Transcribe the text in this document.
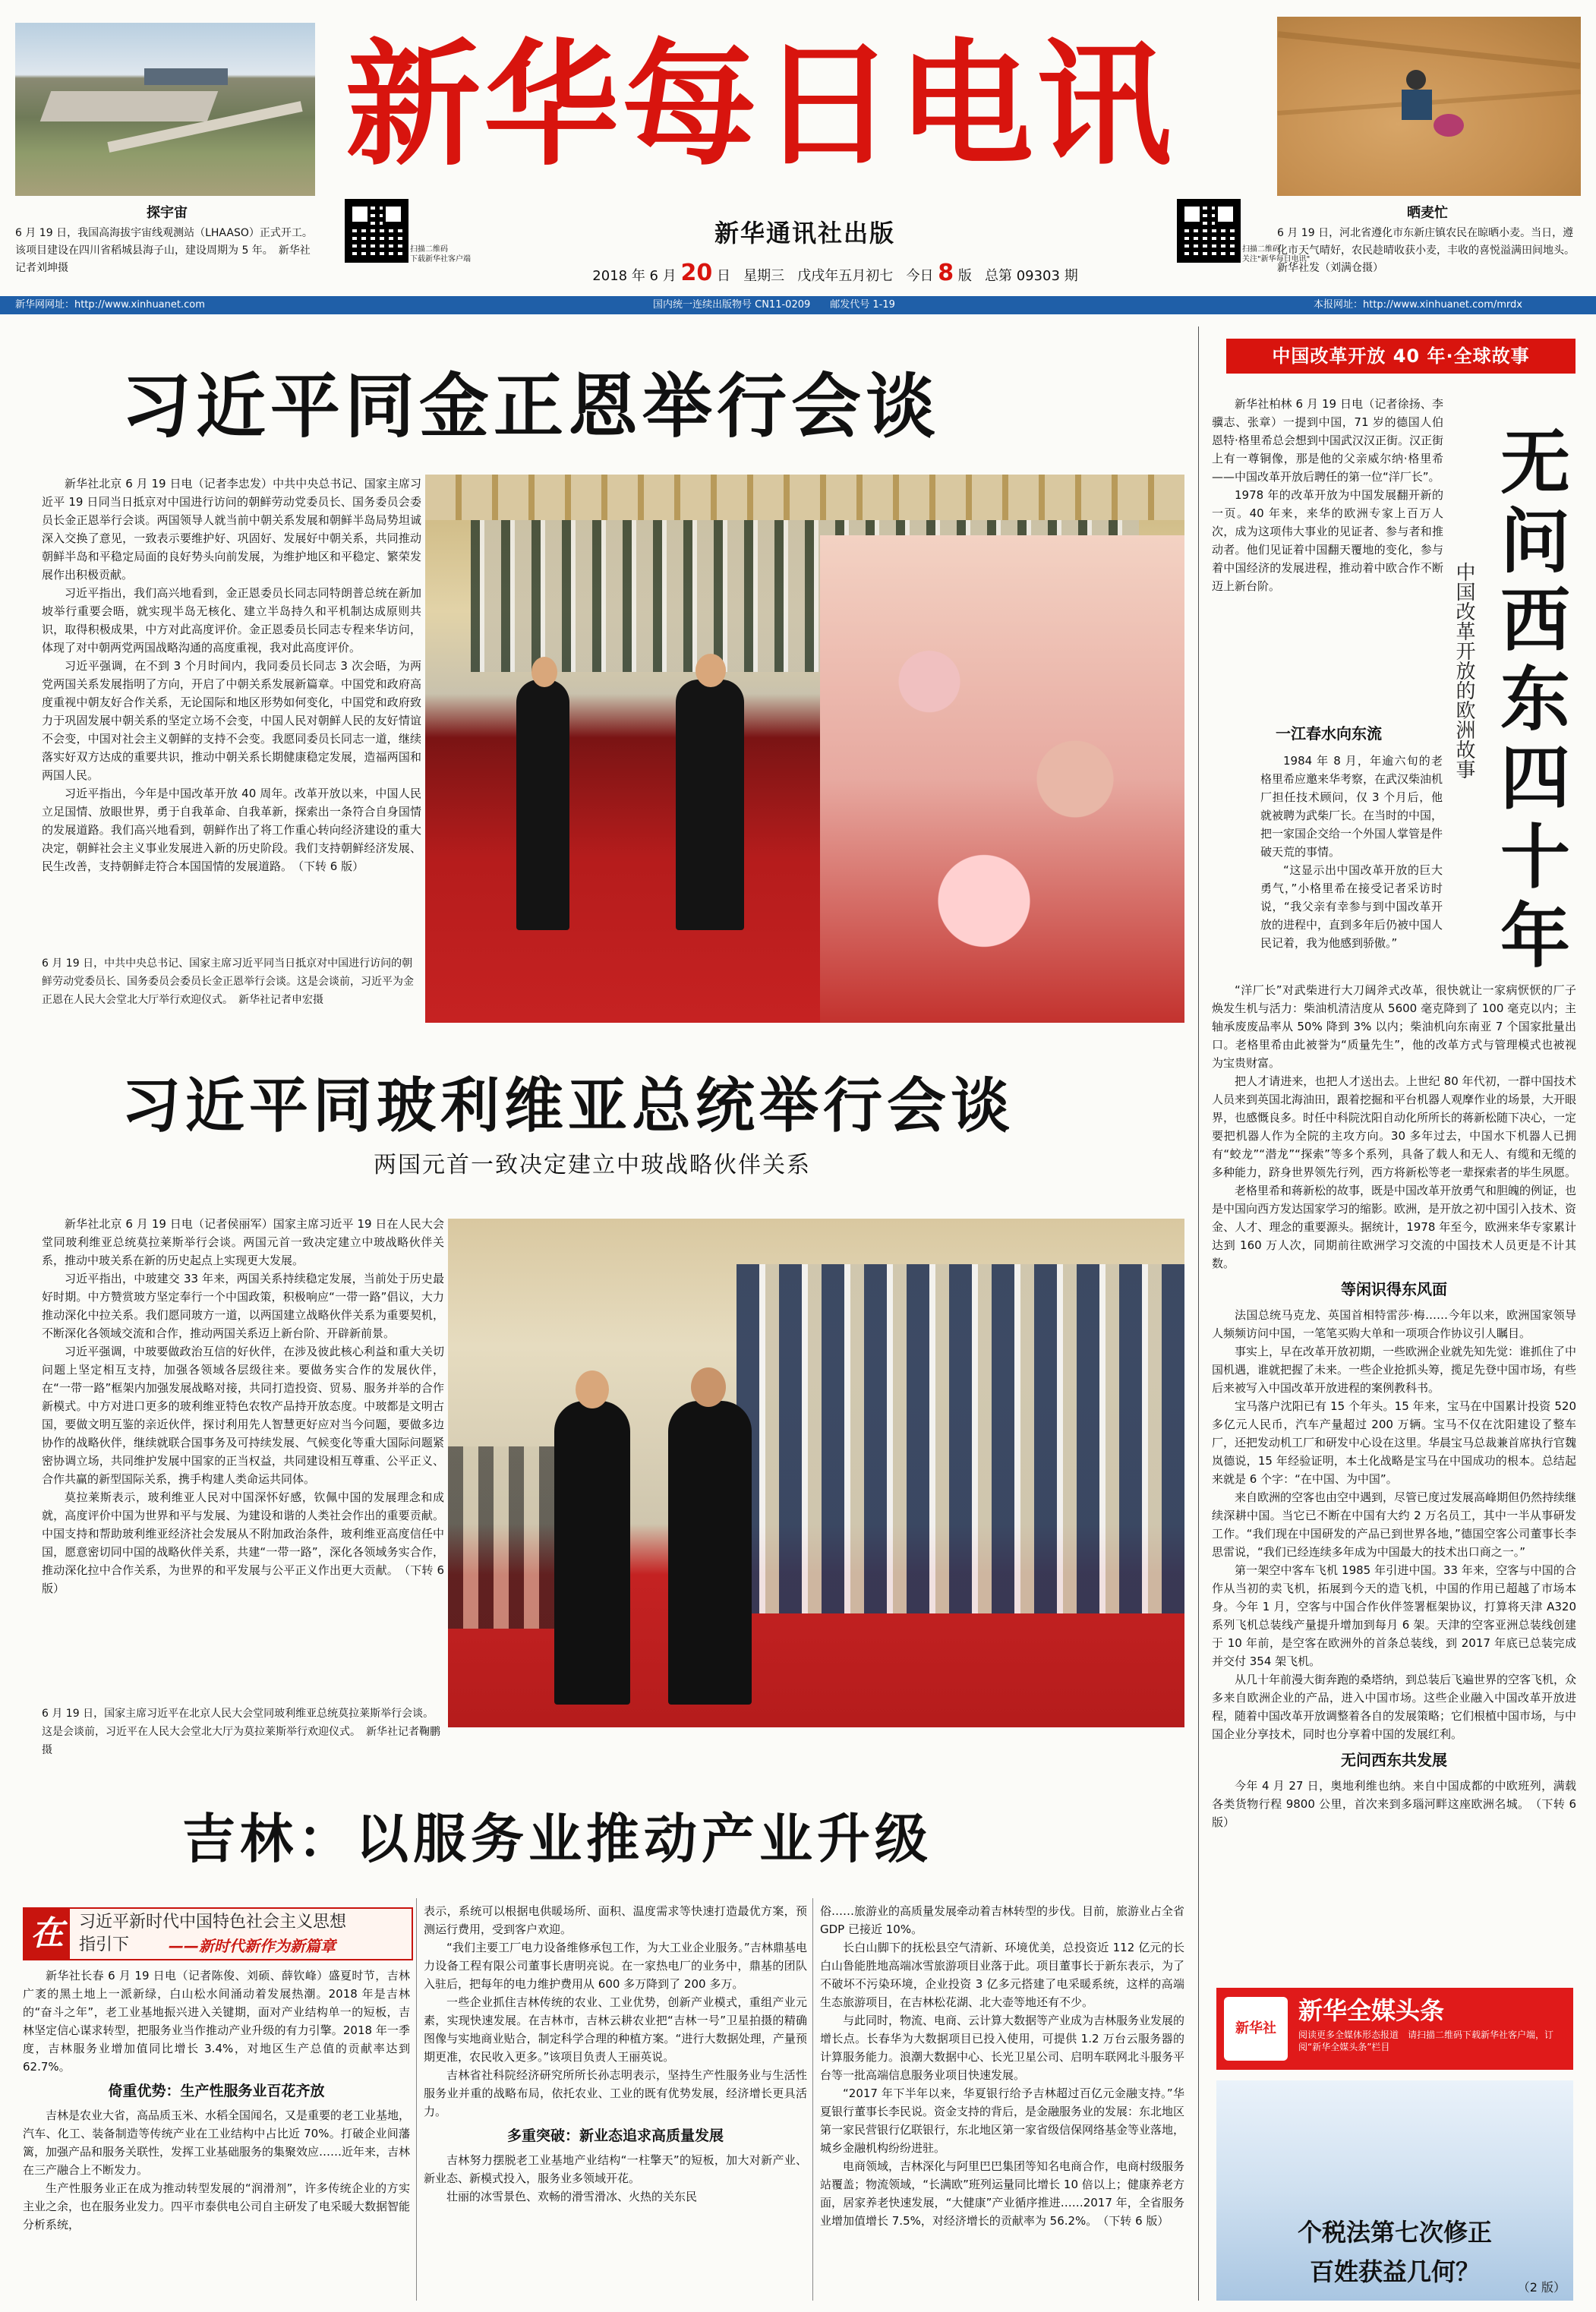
探宇宙
6 月 19 日，我国高海拔宇宙线观测站（LHAASO）正式开工。该项目建设在四川省稻城县海子山，建设周期为 5 年。　新华社记者刘坤摄
新华每日电讯
扫描二维码
下载新华社客户端
新华通讯社出版
2018 年 6 月 20 日 星期三 戊戌年五月初七 今日 8 版 总第 09303 期
扫描二维码
关注"新华每日电讯"
晒麦忙
6 月 19 日，河北省遵化市东新庄镇农民在晾晒小麦。当日，遵化市天气晴好，农民趁晴收获小麦，丰收的喜悦溢满田间地头。　新华社发（刘满仓摄）
新华网网址：http://www.xinhuanet.com	国内统一连续出版物号 CN11-0209　　邮发代号 1-19	本报网址：http://www.xinhuanet.com/mrdx
习近平同金正恩举行会谈

新华社北京 6 月 19 日电（记者李忠发）中共中央总书记、国家主席习近平 19 日同当日抵京对中国进行访问的朝鲜劳动党委员长、国务委员会委员长金正恩举行会谈。两国领导人就当前中朝关系发展和朝鲜半岛局势坦诚深入交换了意见，一致表示要维护好、巩固好、发展好中朝关系，共同推动朝鲜半岛和平稳定局面的良好势头向前发展，为维护地区和平稳定、繁荣发展作出积极贡献。

习近平指出，我们高兴地看到，金正恩委员长同志同特朗普总统在新加坡举行重要会晤，就实现半岛无核化、建立半岛持久和平机制达成原则共识，取得积极成果，中方对此高度评价。金正恩委员长同志专程来华访问，体现了对中朝两党两国战略沟通的高度重视，我对此高度评价。

习近平强调，在不到 3 个月时间内，我同委员长同志 3 次会晤，为两党两国关系发展指明了方向，开启了中朝关系发展新篇章。中国党和政府高度重视中朝友好合作关系，无论国际和地区形势如何变化，中国党和政府致力于巩固发展中朝关系的坚定立场不会变，中国人民对朝鲜人民的友好情谊不会变，中国对社会主义朝鲜的支持不会变。我愿同委员长同志一道，继续落实好双方达成的重要共识，推动中朝关系长期健康稳定发展，造福两国和两国人民。

习近平指出，今年是中国改革开放 40 周年。改革开放以来，中国人民立足国情、放眼世界，勇于自我革命、自我革新，探索出一条符合自身国情的发展道路。我们高兴地看到，朝鲜作出了将工作重心转向经济建设的重大决定，朝鲜社会主义事业发展进入新的历史阶段。我们支持朝鲜经济发展、民生改善，支持朝鲜走符合本国国情的发展道路。　（下转 6 版）

6 月 19 日，中共中央总书记、国家主席习近平同当日抵京对中国进行访问的朝鲜劳动党委员长、国务委员会委员长金正恩举行会谈。这是会谈前，习近平为金正恩在人民大会堂北大厅举行欢迎仪式。　新华社记者申宏摄
习近平同玻利维亚总统举行会谈
两国元首一致决定建立中玻战略伙伴关系

新华社北京 6 月 19 日电（记者侯丽军）国家主席习近平 19 日在人民大会堂同玻利维亚总统莫拉莱斯举行会谈。两国元首一致决定建立中玻战略伙伴关系，推动中玻关系在新的历史起点上实现更大发展。

习近平指出，中玻建交 33 年来，两国关系持续稳定发展，当前处于历史最好时期。中方赞赏玻方坚定奉行一个中国政策，积极响应“一带一路”倡议，大力推动深化中拉关系。我们愿同玻方一道，以两国建立战略伙伴关系为重要契机，不断深化各领域交流和合作，推动两国关系迈上新台阶、开辟新前景。

习近平强调，中玻要做政治互信的好伙伴，在涉及彼此核心利益和重大关切问题上坚定相互支持，加强各领域各层级往来。要做务实合作的发展伙伴，在“一带一路”框架内加强发展战略对接，共同打造投资、贸易、服务并举的合作新模式。中方对进口更多的玻利维亚特色农牧产品持开放态度。中玻都是文明古国，要做文明互鉴的亲近伙伴，探讨利用先人智慧更好应对当今问题，要做多边协作的战略伙伴，继续就联合国事务及可持续发展、气候变化等重大国际问题紧密协调立场，共同维护发展中国家的正当权益，共同建设相互尊重、公平正义、合作共赢的新型国际关系，携手构建人类命运共同体。

莫拉莱斯表示，玻利维亚人民对中国深怀好感，钦佩中国的发展理念和成就，高度评价中国为世界和平与发展、为建设和谐的人类社会作出的重要贡献。中国支持和帮助玻利维亚经济社会发展从不附加政治条件，玻利维亚高度信任中国，愿意密切同中国的战略伙伴关系，共建“一带一路”，深化各领域务实合作，推动深化拉中合作关系，为世界的和平发展与公平正义作出更大贡献。　（下转 6 版）

6 月 19 日，国家主席习近平在北京人民大会堂同玻利维亚总统莫拉莱斯举行会谈。这是会谈前，习近平在人民大会堂北大厅为莫拉莱斯举行欢迎仪式。　新华社记者鞠鹏摄
吉林：以服务业推动产业升级
在 习近平新时代中国特色社会主义思想
指引下	——新时代新作为新篇章

新华社长春 6 月 19 日电（记者陈俊、刘硕、薛钦峰）盛夏时节，吉林广袤的黑土地上一派新绿，白山松水间涌动着发展热潮。2018 年是吉林的“奋斗之年”，老工业基地振兴进入关键期，面对产业结构单一的短板，吉林坚定信心谋求转型，把服务业当作推动产业升级的有力引擎。2018 年一季度，吉林服务业增加值同比增长 3.4%，对地区生产总值的贡献率达到 62.7%。

倚重优势：生产性服务业百花齐放

吉林是农业大省，高品质玉米、水稻全国闻名，又是重要的老工业基地，汽车、化工、装备制造等传统产业在工业结构中占比近 70%。打破企业间藩篱，加强产品和服务关联性，发挥工业基础服务的集聚效应……近年来，吉林在三产融合上不断发力。

生产性服务业正在成为推动转型发展的“润滑剂”，许多传统企业的方实主业之余，也在服务业发力。四平市泰供电公司自主研发了电采暖大数据智能分析系统，

表示，系统可以根据电供暖场所、面积、温度需求等快速打造最优方案，预测运行费用，受到客户欢迎。

“我们主要工厂电力设备维修承包工作，为大工业企业服务。”吉林鼎基电力设备工程有限公司董事长唐明亮说。在一家热电厂的业务中，鼎基的团队入驻后，把每年的电力维护费用从 600 多万降到了 200 多万。

一些企业抓住吉林传统的农业、工业优势，创新产业模式，重组产业元素，实现快速发展。在吉林市，吉林云耕农业把“吉林一号”卫星拍摄的精确图像与实地商业贴合，制定科学合理的种植方案。“进行大数据处理，产量预期更准，农民收入更多。”该项目负责人王丽英说。

吉林省社科院经济研究所所长孙志明表示，坚持生产性服务业与生活性服务业并重的战略布局，依托农业、工业的既有优势发展，经济增长更具活力。

多重突破：新业态追求高质量发展

吉林努力摆脱老工业基地产业结构“一柱擎天”的短板，加大对新产业、新业态、新模式投入，服务业多领域开花。

壮丽的冰雪景色、欢畅的滑雪滑冰、火热的关东民

俗……旅游业的高质量发展牵动着吉林转型的步伐。目前，旅游业占全省 GDP 已接近 10%。

长白山脚下的抚松县空气清新、环境优美，总投资近 112 亿元的长白山鲁能胜地高端冰雪旅游项目业落于此。项目董事长于新东表示，为了不破坏不污染环境，企业投资 3 亿多元搭建了电采暖系统，这样的高端生态旅游项目，在吉林松花湖、北大壶等地还有不少。

与此同时，物流、电商、云计算大数据等产业成为吉林服务业发展的增长点。长春华为大数据项目已投入使用，可提供 1.2 万台云服务器的计算服务能力。浪潮大数据中心、长光卫星公司、启明车联网北斗服务平台等一批高端信息服务业项目快速发展。

“2017 年下半年以来，华夏银行给予吉林超过百亿元金融支持。”华夏银行董事长李民说。资金支持的背后，是金融服务业的发展：东北地区第一家民营银行亿联银行，东北地区第一家省级信保网络基金等业落地，城乡金融机构纷纷进驻。

电商领域，吉林深化与阿里巴巴集团等知名电商合作，电商村级服务站覆盖；物流领域，“长满欧”班列运量同比增长 10 倍以上；健康养老方面，居家养老快速发展，“大健康”产业循序推进……2017 年，全省服务业增加值增长 7.5%，对经济增长的贡献率为 56.2%。　（下转 6 版）

中国改革开放 40 年·全球故事

新华社柏林 6 月 19 日电（记者徐扬、李骥志、张章）一提到中国，71 岁的德国人伯恩特·格里希总会想到中国武汉汉正街。汉正街上有一尊铜像，那是他的父亲威尔纳·格里希——中国改革开放后聘任的第一位“洋厂长”。

1978 年的改革开放为中国发展翻开新的一页。40 年来，来华的欧洲专家上百万人次，成为这项伟大事业的见证者、参与者和推动者。他们见证着中国翻天覆地的变化，参与着中国经济的发展进程，推动着中欧合作不断迈上新台阶。	中国改革开放的欧洲故事 无问西东四十年
一江春水向东流

1984 年 8 月，年逾六旬的老格里希应邀来华考察，在武汉柴油机厂担任技术顾问，仅 3 个月后，他就被聘为武柴厂长。在当时的中国，把一家国企交给一个外国人掌管是件破天荒的事情。

“这显示出中国改革开放的巨大勇气，”小格里希在接受记者采访时说，“我父亲有幸参与到中国改革开放的进程中，直到多年后仍被中国人民记着，我为他感到骄傲。”

“洋厂长”对武柴进行大刀阔斧式改革，很快就让一家病恹恹的厂子焕发生机与活力：柴油机清洁度从 5600 毫克降到了 100 毫克以内；主轴承废废品率从 50% 降到 3% 以内；柴油机向东南亚 7 个国家批量出口。老格里希由此被誉为“质量先生”，他的改革方式与管理模式也被视为宝贵财富。

把人才请进来，也把人才送出去。上世纪 80 年代初，一群中国技术人员来到英国北海油田，跟着挖掘和平台机器人观摩作业的场景，大开眼界，也感慨良多。时任中科院沈阳自动化所所长的蒋新松随下决心，一定要把机器人作为全院的主攻方向。30 多年过去，中国水下机器人已拥有“蛟龙”“潜龙”“探索”等多个系列，具备了载人和无人、有缆和无缆的多种能力，跻身世界领先行列，西方将新松等老一辈探索者的毕生夙愿。

老格里希和蒋新松的故事，既是中国改革开放勇气和胆魄的例证，也是中国向西方发达国家学习的缩影。欧洲，是开放之初中国引入技术、资金、人才、理念的重要源头。据统计，1978 年至今，欧洲来华专家累计达到 160 万人次，同期前往欧洲学习交流的中国技术人员更是不计其数。

等闲识得东风面

法国总统马克龙、英国首相特雷莎·梅……今年以来，欧洲国家领导人频频访问中国，一笔笔买购大单和一项项合作协议引人瞩目。

事实上，早在改革开放初期，一些欧洲企业就先知先觉：谁抓住了中国机遇，谁就把握了未来。一些企业抢抓头筹，揽足先登中国市场，有些后来被写入中国改革开放进程的案例教科书。

宝马落户沈阳已有 15 个年头。15 年来，宝马在中国累计投资 520 多亿元人民币，汽车产量超过 200 万辆。宝马不仅在沈阳建设了整车厂，还把发动机工厂和研发中心设在这里。华晨宝马总裁兼首席执行官魏岚德说，15 年经验证明，本土化战略是宝马在中国成功的根本。总结起来就是 6 个字：“在中国、为中国”。

来自欧洲的空客也由空中遇到，尽管已度过发展高峰期但仍然持续继续深耕中国。当它已不断在中国有大约 2 万名员工，其中一半从事研发工作。“我们现在中国研发的产品已到世界各地，”德国空客公司董事长李思雷说，“我们已经连续多年成为中国最大的技术出口商之一。”

第一架空中客车飞机 1985 年引进中国。33 年来，空客与中国的合作从当初的卖飞机，拓展到今天的造飞机，中国的作用已超越了市场本身。今年 1 月，空客与中国合作伙伴签署框架协议，打算将天津 A320 系列飞机总装线产量提升增加到每月 6 架。天津的空客亚洲总装线创建于 10 年前，是空客在欧洲外的首条总装线，到 2017 年底已总装完成并交付 354 架飞机。

从几十年前漫大街奔跑的桑塔纳，到总装后飞遍世界的空客飞机，众多来自欧洲企业的产品，进入中国市场。这些企业融入中国改革开放进程，随着中国改革开放调整着各自的发展策略；它们根植中国市场，与中国企业分享技术，同时也分享着中国的发展红利。

无问西东共发展

今年 4 月 27 日，奥地利维也纳。来自中国成都的中欧班列，满载各类货物行程 9800 公里，首次来到多瑙河畔这座欧洲名城。　（下转 6 版）

新华社
新华全媒头条
阅读更多全媒体形态报道　请扫描二维码下载新华社客户端，订阅“新华全媒头条”栏目
个税法第七次修正
百姓获益几何？
（2 版）
